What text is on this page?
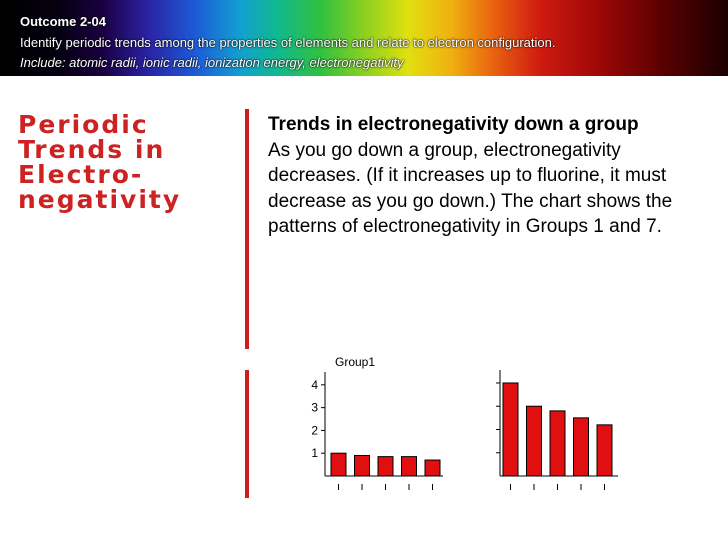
Outcome 2-04
Identify periodic trends among the properties of elements and relate to electron configuration.
Include: atomic radii, ionic radii, ionization energy, electronegativity
Periodic
Trends in
Electro-
negativity
Trends in electronegativity down a group
As you go down a group, electronegativity decreases. (If it increases up to fluorine, it must decrease as you go down.) The chart shows the patterns of electronegativity in Groups 1 and 7.
Group1
1
2
3
4
